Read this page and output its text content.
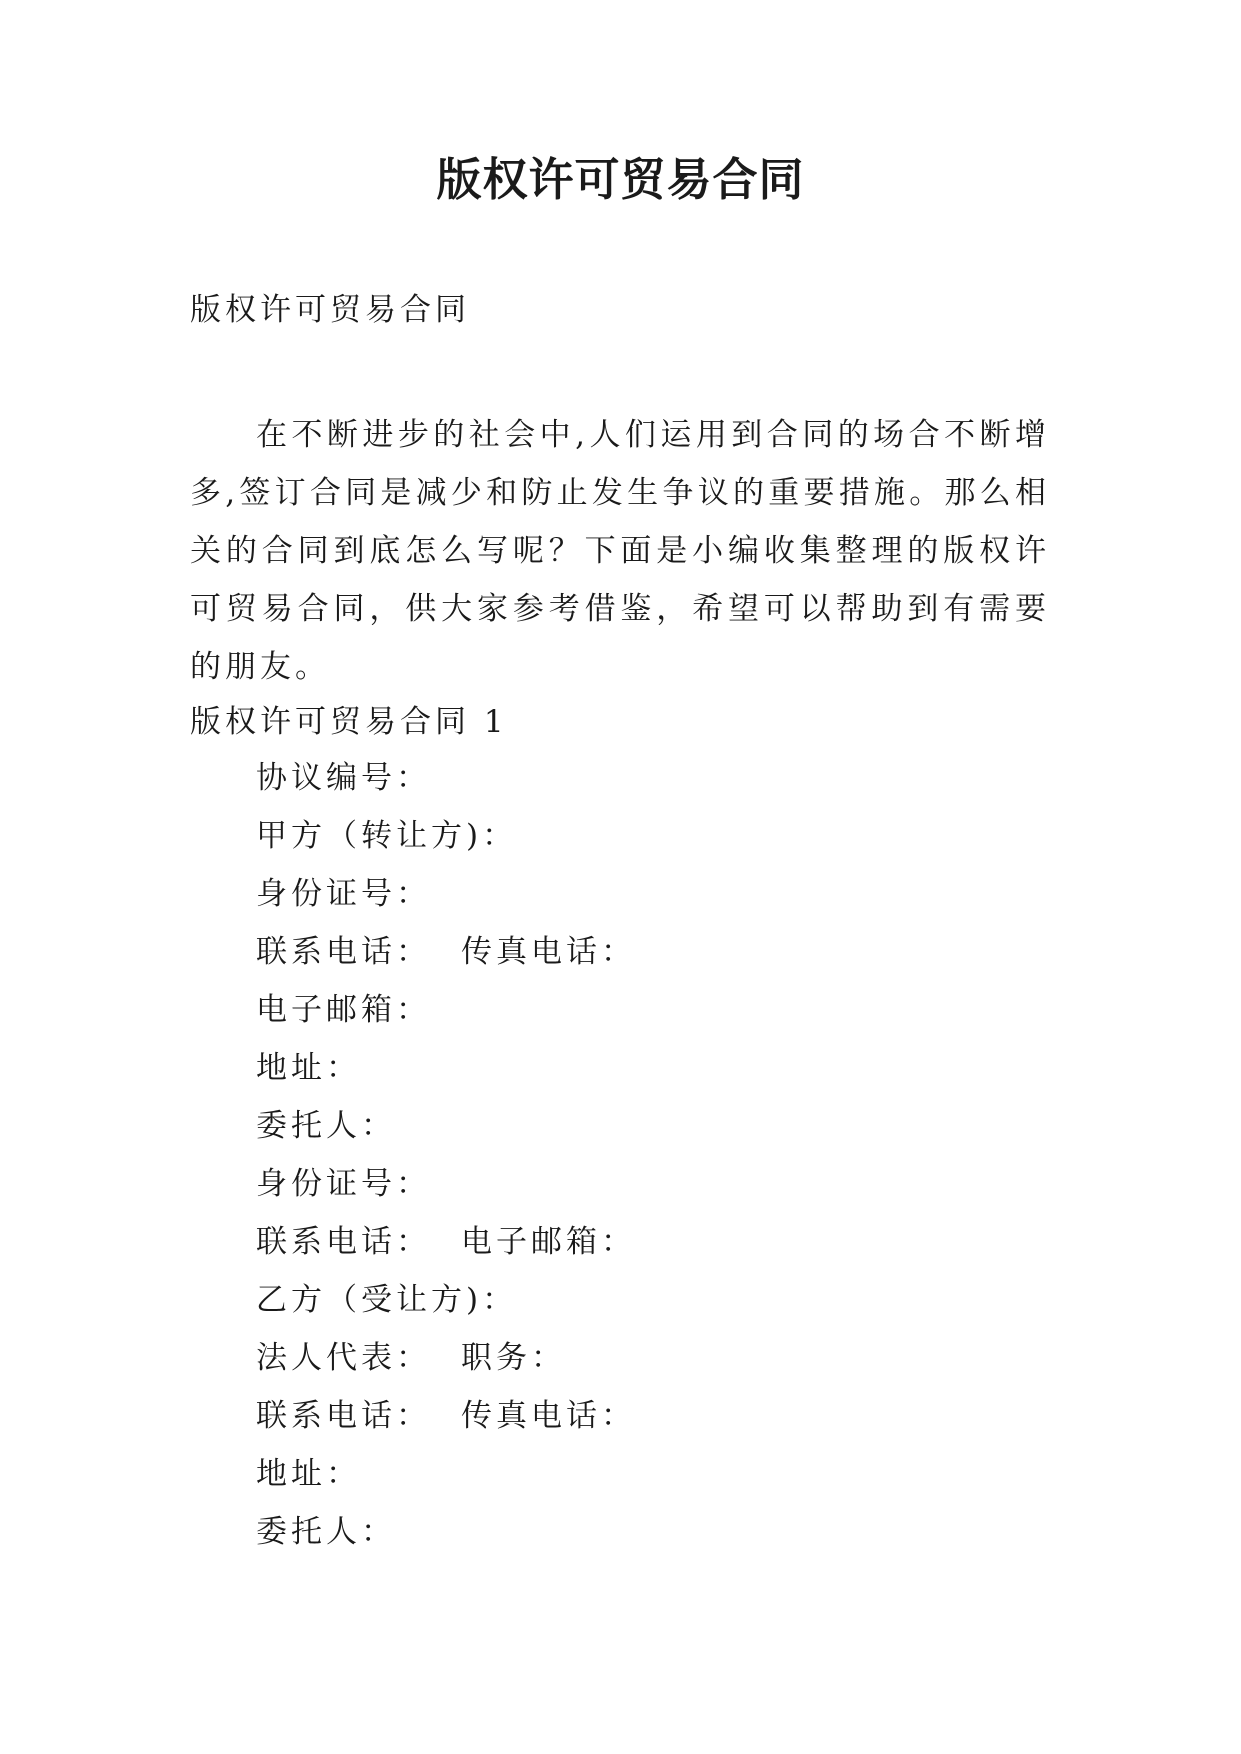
版权许可贸易合同

版权许可贸易合同

在不断进步的社会中,人们运用到合同的场合不断增多,签订合同是减少和防止发生争议的重要措施。那么相关的合同到底怎么写呢？下面是小编收集整理的版权许可贸易合同，供大家参考借鉴，希望可以帮助到有需要的朋友。

版权许可贸易合同 1

协议编号：
甲方（转让方)：
身份证号：
联系电话： 传真电话：
电子邮箱：
地址：
委托人：
身份证号：
联系电话： 电子邮箱：
乙方（受让方)：
法人代表： 职务：
联系电话： 传真电话：
地址：
委托人：
